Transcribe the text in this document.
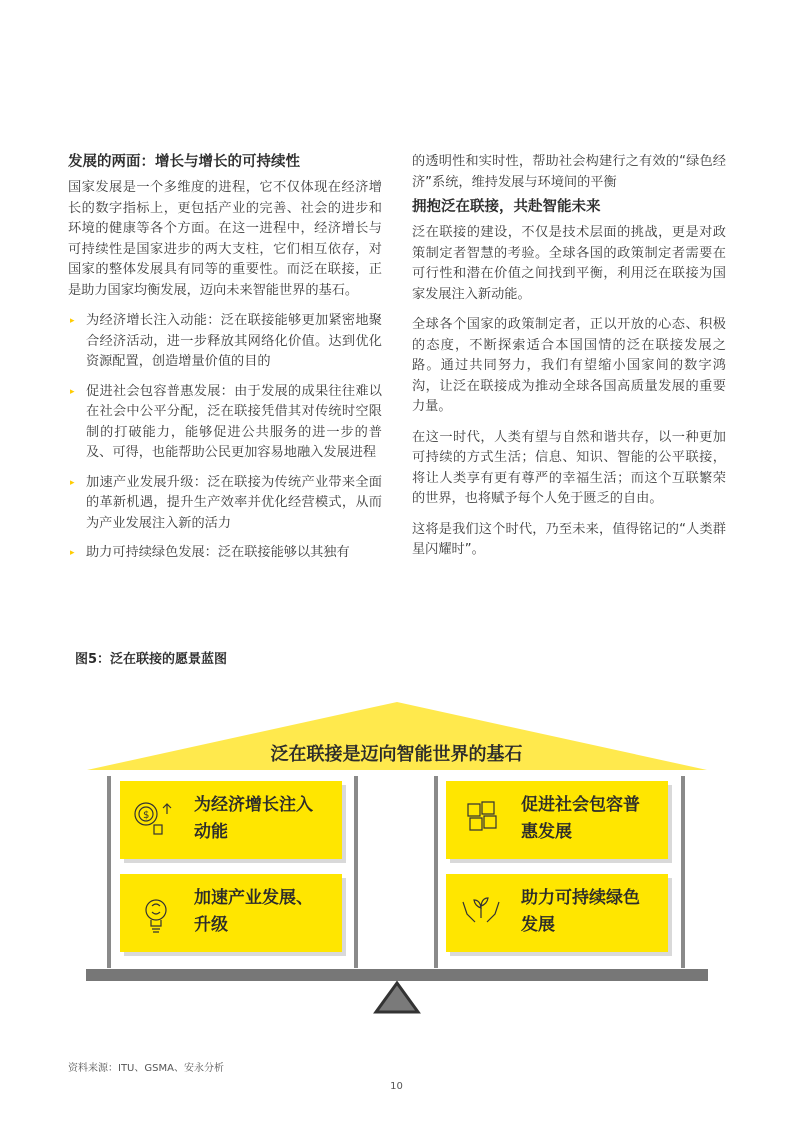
发展的两面：增长与增长的可持续性

国家发展是一个多维度的进程，它不仅体现在经济增长的数字指标上，更包括产业的完善、社会的进步和环境的健康等各个方面。在这一进程中，经济增长与可持续性是国家进步的两大支柱，它们相互依存，对国家的整体发展具有同等的重要性。而泛在联接，正是助力国家均衡发展，迈向未来智能世界的基石。

▸ 为经济增长注入动能：泛在联接能够更加紧密地聚合经济活动，进一步释放其网络化价值。达到优化资源配置，创造增量价值的目的
▸ 促进社会包容普惠发展：由于发展的成果往往难以在社会中公平分配，泛在联接凭借其对传统时空限制的打破能力，能够促进公共服务的进一步的普及、可得，也能帮助公民更加容易地融入发展进程
▸ 加速产业发展升级：泛在联接为传统产业带来全面的革新机遇，提升生产效率并优化经营模式，从而为产业发展注入新的活力
▸ 助力可持续绿色发展：泛在联接能够以其独有

的透明性和实时性，帮助社会构建行之有效的“绿色经济”系统，维持发展与环境间的平衡

拥抱泛在联接，共赴智能未来

泛在联接的建设，不仅是技术层面的挑战，更是对政策制定者智慧的考验。全球各国的政策制定者需要在可行性和潜在价值之间找到平衡，利用泛在联接为国家发展注入新动能。

全球各个国家的政策制定者，正以开放的心态、积极的态度，不断探索适合本国国情的泛在联接发展之路。通过共同努力，我们有望缩小国家间的数字鸿沟，让泛在联接成为推动全球各国高质量发展的重要力量。

在这一时代，人类有望与自然和谐共存，以一种更加可持续的方式生活；信息、知识、智能的公平联接，将让人类享有更有尊严的幸福生活；而这个互联繁荣的世界，也将赋予每个人免于匮乏的自由。

这将是我们这个时代，乃至未来，值得铭记的“人类群星闪耀时”。

图5：泛在联接的愿景蓝图
$
泛在联接是迈向智能世界的基石
为经济增长注入
动能
促进社会包容普
惠发展
加速产业发展、
升级
助力可持续绿色
发展
资料来源：ITU、GSMA、安永分析
10
